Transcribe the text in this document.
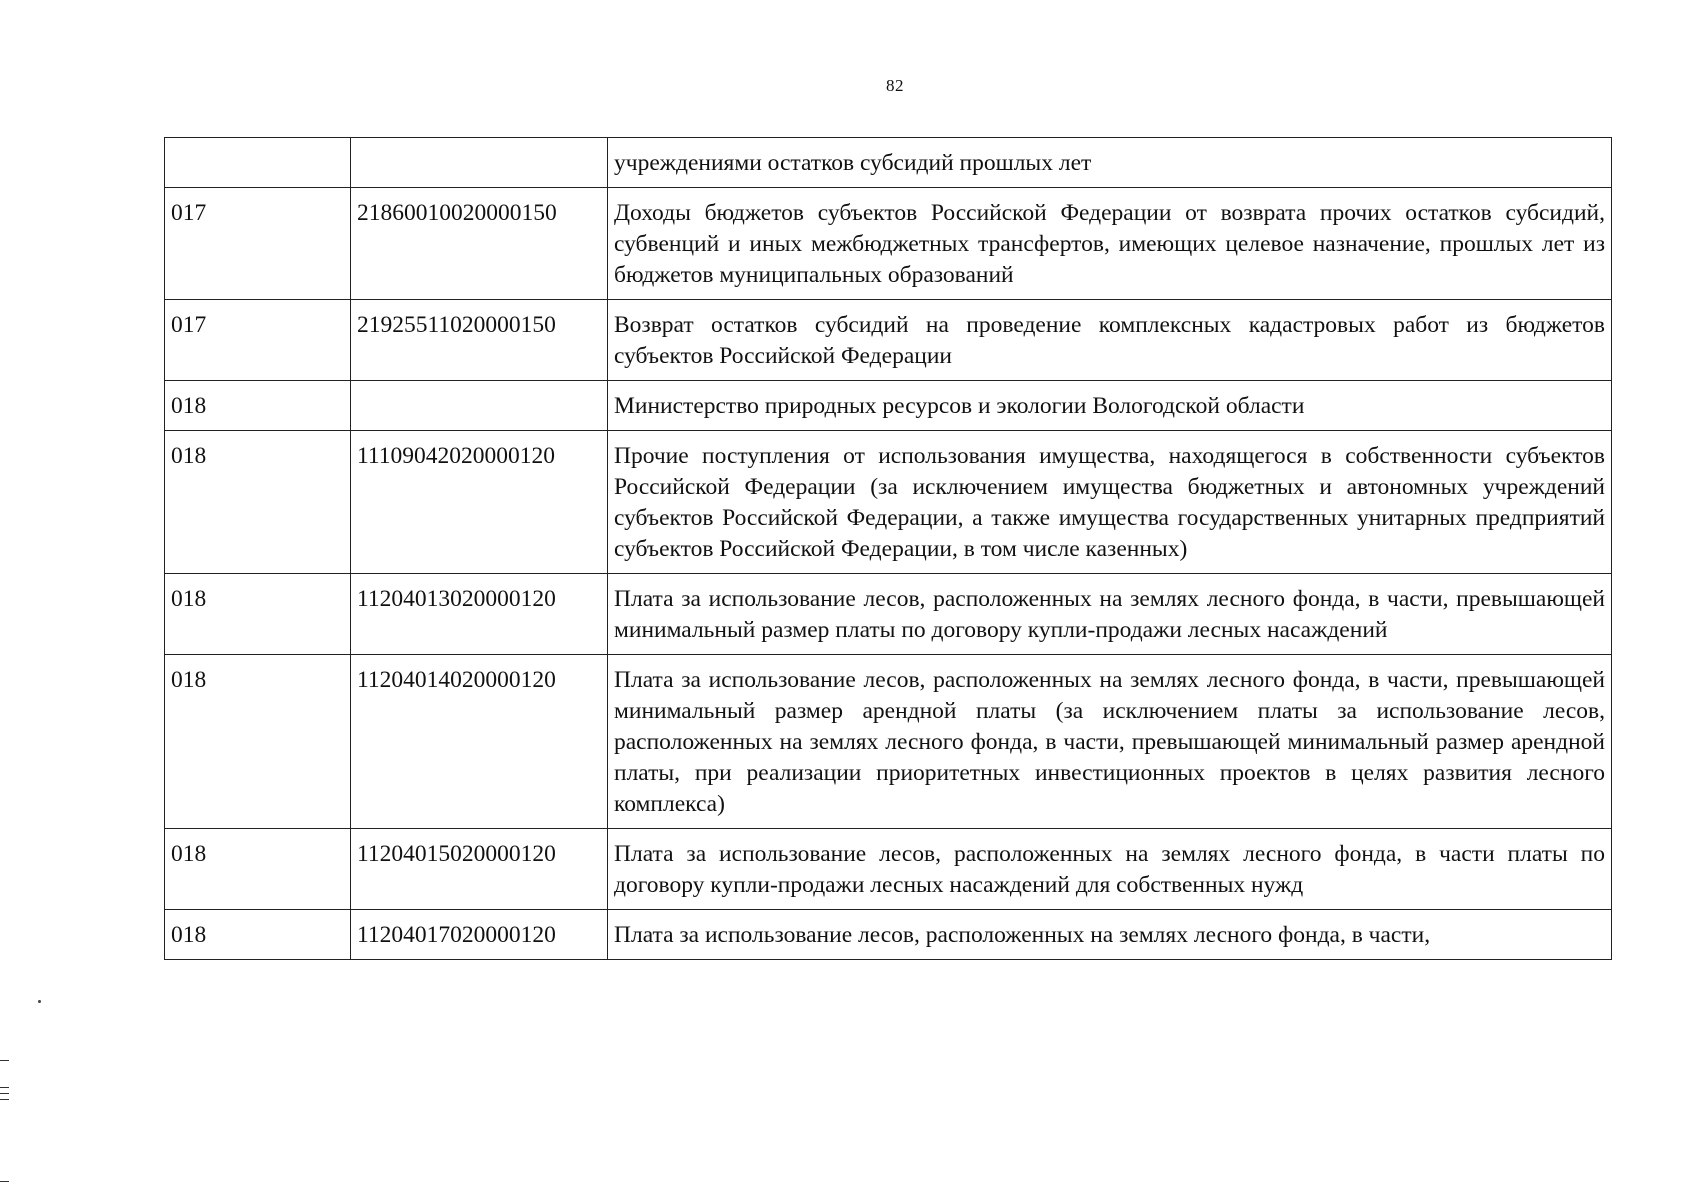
82
		учреждениями остатков субсидий прошлых лет
017	21860010020000150	Доходы бюджетов субъектов Российской Федерации от возврата прочих остатков субсидий, субвенций и иных межбюджетных трансфертов, имеющих целевое назначение, прошлых лет из бюджетов муниципальных образований
017	21925511020000150	Возврат остатков субсидий на проведение комплексных кадастровых работ из бюджетов субъектов Российской Федерации
018		Министерство природных ресурсов и экологии Вологодской области
018	11109042020000120	Прочие поступления от использования имущества, находящегося в собственности субъектов Российской Федерации (за исключением имущества бюджетных и автономных учреждений субъектов Российской Федерации, а также имущества государственных унитарных предприятий субъектов Российской Федерации, в том числе казенных)
018	11204013020000120	Плата за использование лесов, расположенных на землях лесного фонда, в части, превышающей минимальный размер платы по договору купли-продажи лесных насаждений
018	11204014020000120	Плата за использование лесов, расположенных на землях лесного фонда, в части, превышающей минимальный размер арендной платы (за исключением платы за использование лесов, расположенных на землях лесного фонда, в части, превышающей минимальный размер арендной платы, при реализации приоритетных инвестиционных проектов в целях развития лесного комплекса)
018	11204015020000120	Плата за использование лесов, расположенных на землях лесного фонда, в части платы по договору купли-продажи лесных насаждений для собственных нужд
018	11204017020000120	Плата за использование лесов, расположенных на землях лесного фонда, в части,
